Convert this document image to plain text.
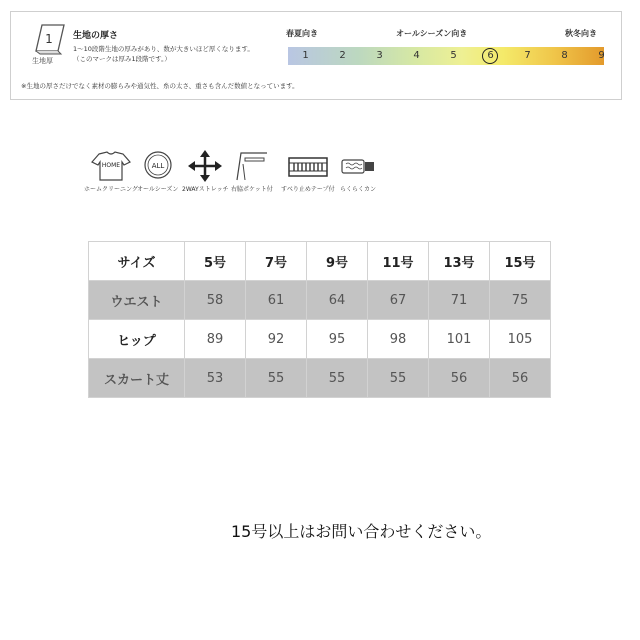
1
生地厚
生地の厚さ
1〜10段階生地の厚みがあり、数が大きいほど厚くなります。
（このマークは厚み1段階です。）
春夏向き	オールシーズン向き	秋冬向き
1	2	3	4	5	6	7	8	9
※生地の厚さだけでなく素材の膨らみや通気性、糸の太さ、重さも含んだ数値となっています。
HOME
ホームクリーニング
ALL
オールシーズン 2WAYストレッチ 右脇ポケット付 すべり止めテープ付 らくらくカン
サイズ	5号	7号	9号	11号	13号	15号
ウエスト	58	61	64	67	71	75
ヒップ	89	92	95	98	101	105
スカート丈	53	55	55	55	56	56
15号以上はお問い合わせください。
